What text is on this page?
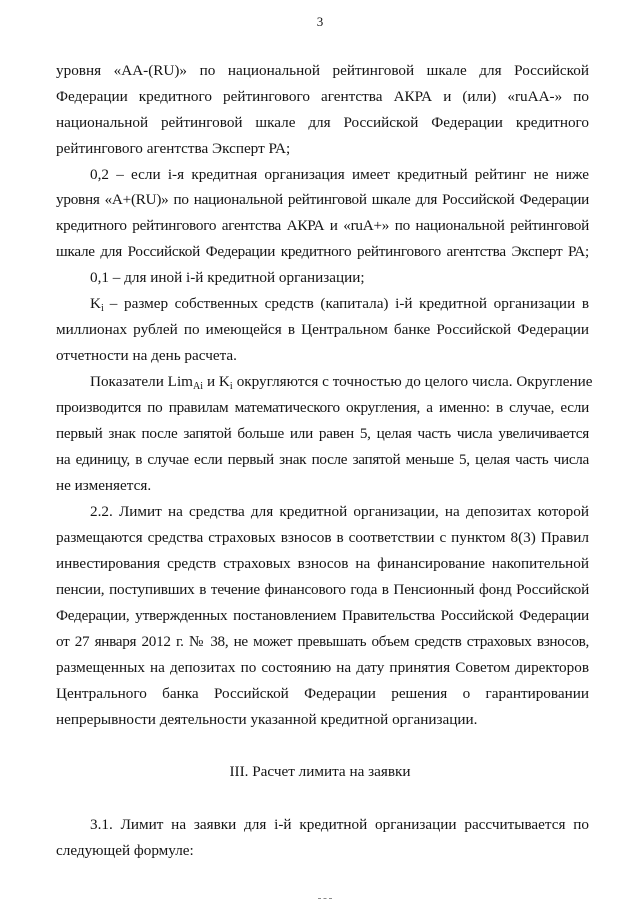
3
уровня «АА-(RU)» по национальной рейтинговой шкале для Российской
Федерации кредитного рейтингового агентства АКРА и (или) «ruAA-» по
национальной рейтинговой шкале для Российской Федерации кредитного
рейтингового агентства Эксперт РА;
0,2 – если i-я кредитная организация имеет кредитный рейтинг не ниже
уровня «A+(RU)» по национальной рейтинговой шкале для Российской Федерации
кредитного рейтингового агентства АКРА и «ruA+» по национальной рейтинговой
шкале для Российской Федерации кредитного рейтингового агентства Эксперт РА;
0,1 – для иной i-й кредитной организации;
$K_i$ – размер собственных средств (капитала) i-й кредитной организации в
миллионах рублей по имеющейся в Центральном банке Российской Федерации
отчетности на день расчета.
Показатели Lim$_{Ai}$ и $K_i$ округляются с точностью до целого числа. Округление
производится по правилам математического округления, а именно: в случае, если
первый знак после запятой больше или равен 5, целая часть числа увеличивается
на единицу, в случае если первый знак после запятой меньше 5, целая часть числа
не изменяется.
2.2. Лимит на средства для кредитной организации, на депозитах которой
размещаются средства страховых взносов в соответствии с пунктом 8(3) Правил
инвестирования средств страховых взносов на финансирование накопительной
пенсии, поступивших в течение финансового года в Пенсионный фонд Российской
Федерации, утвержденных постановлением Правительства Российской Федерации
от 27 января 2012 г. № 38, не может превышать объем средств страховых взносов,
размещенных на депозитах по состоянию на дату принятия Советом директоров
Центрального банка Российской Федерации решения о гарантировании
непрерывности деятельности указанной кредитной организации.
III. Расчет лимита на заявки
3.1. Лимит на заявки для i-й кредитной организации рассчитывается по
следующей формуле:
